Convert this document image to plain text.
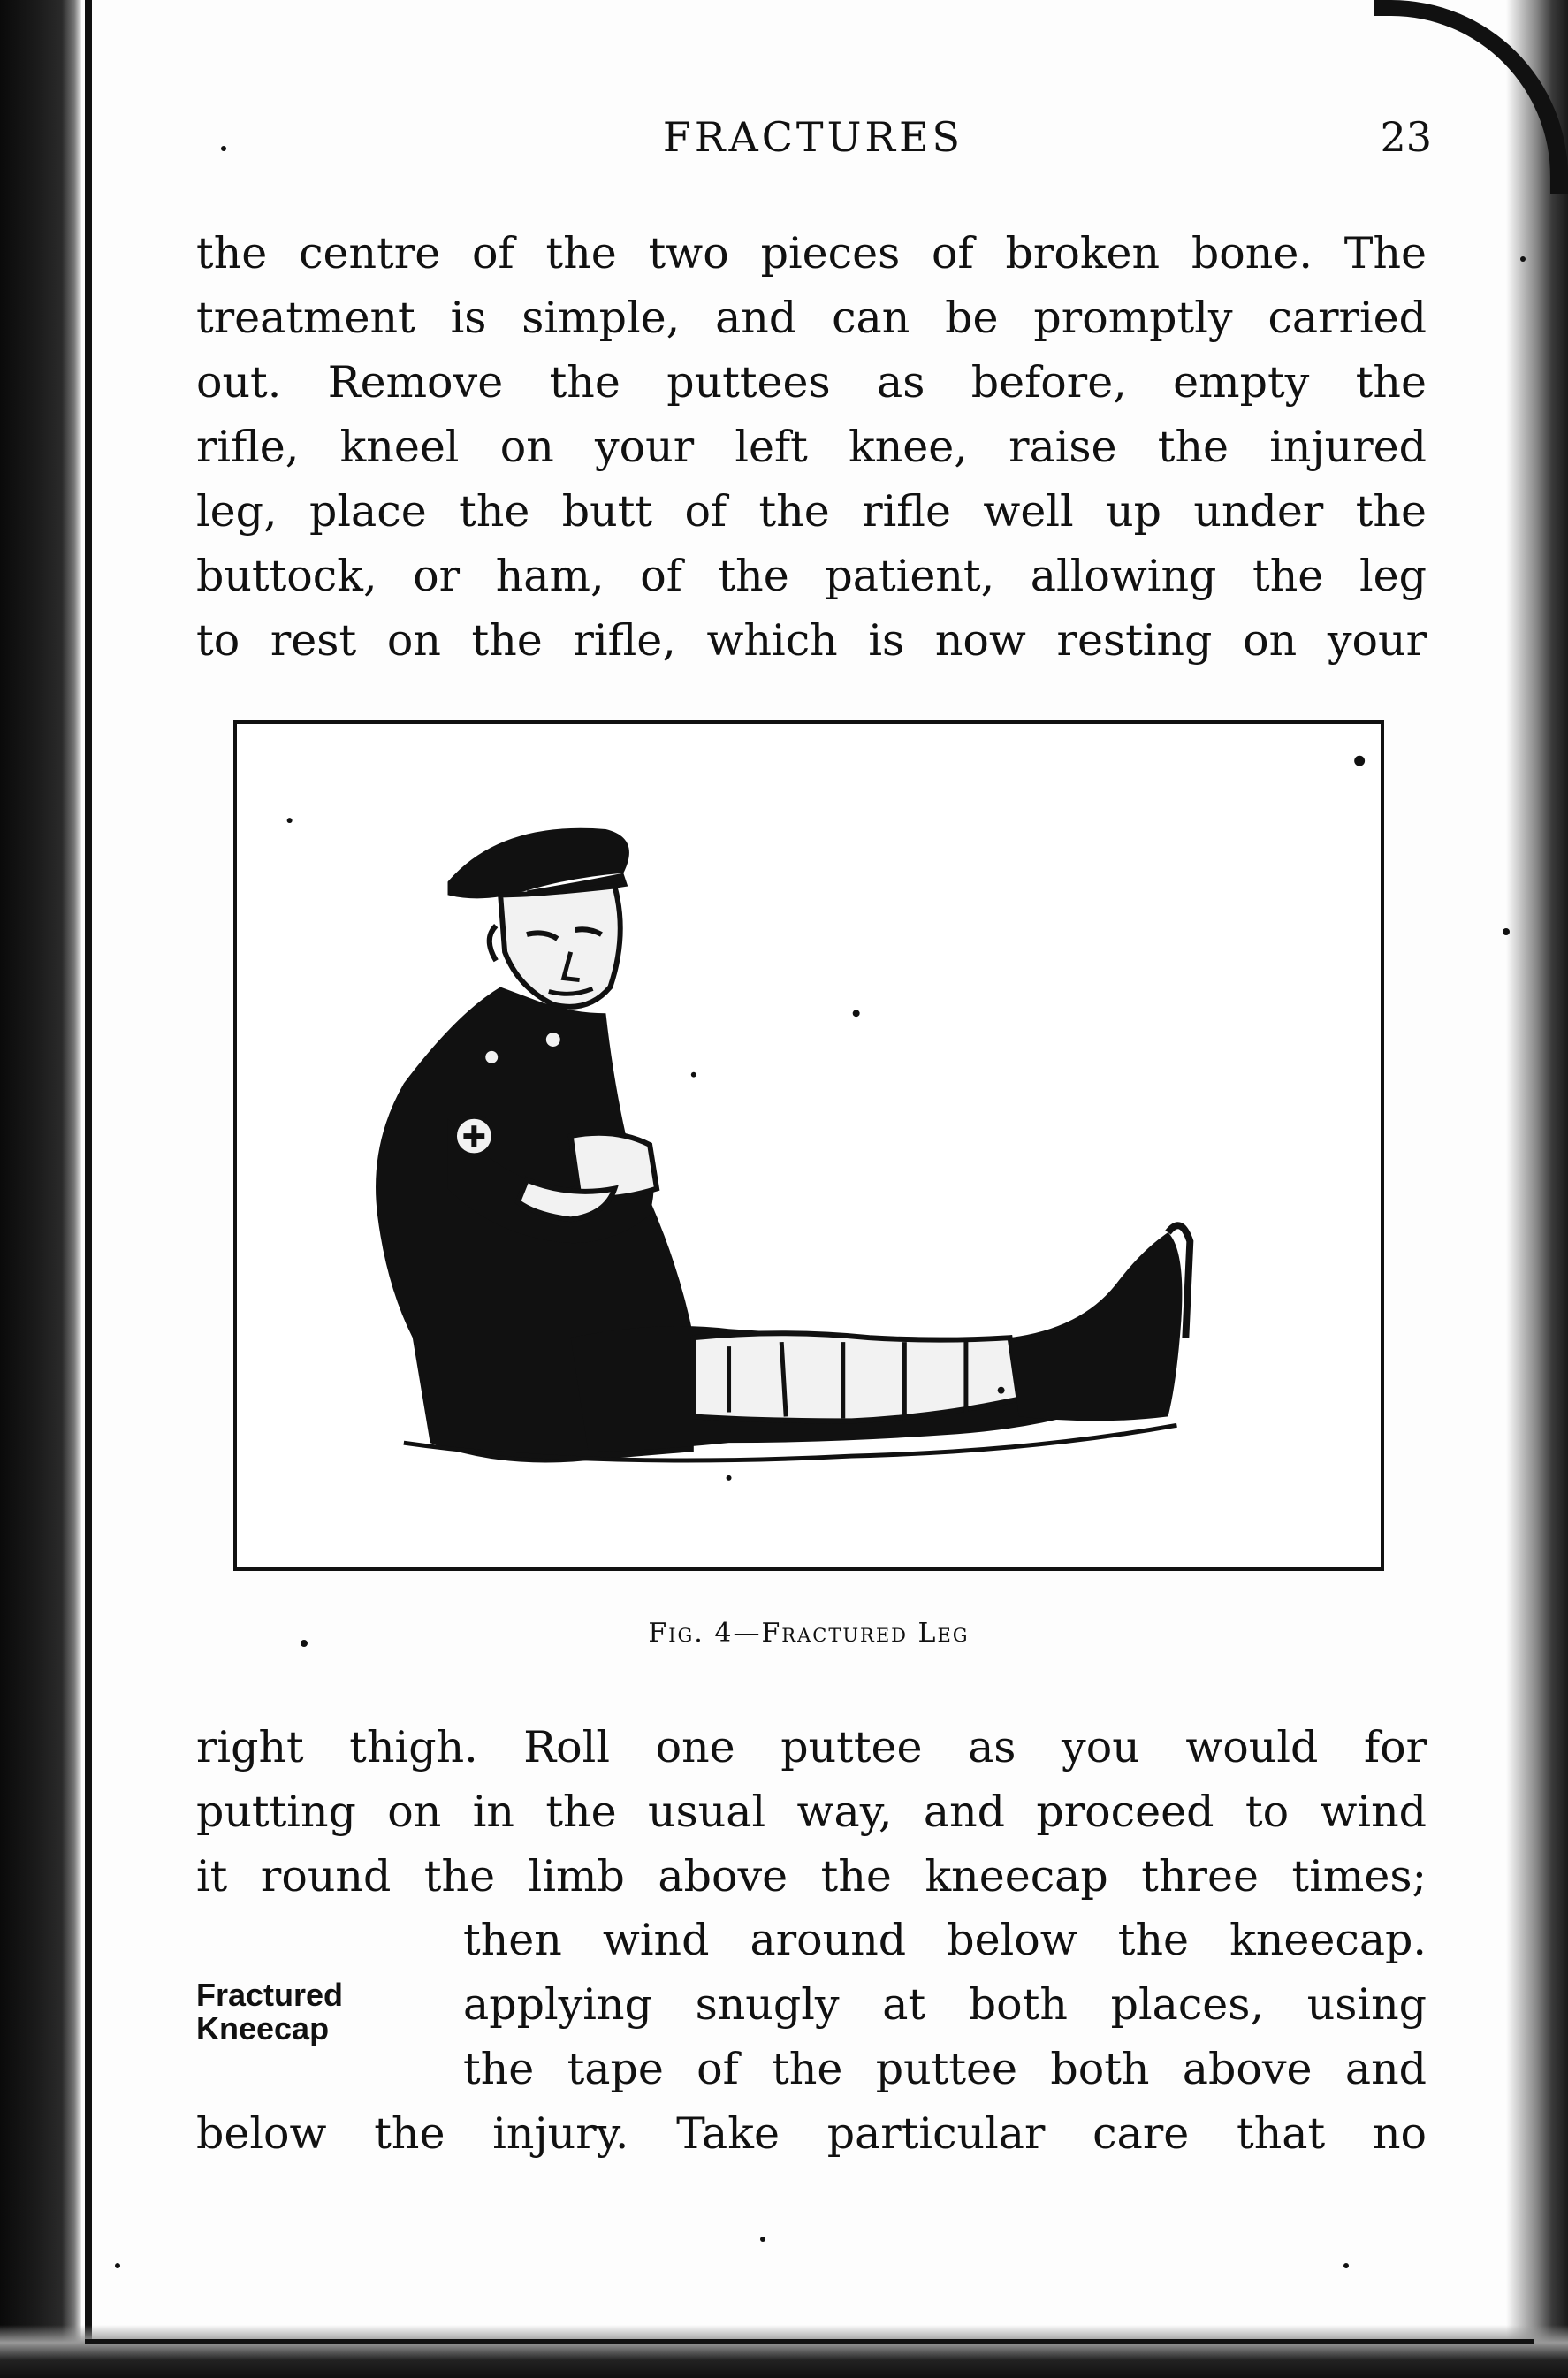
FRACTURES	23
the centre of the two pieces of broken bone. The
treatment is simple, and can be promptly carried
out. Remove the puttees as before, empty the
rifle, kneel on your left knee, raise the injured
leg, place the butt of the rifle well up under the
buttock, or ham, of the patient, allowing the leg
to rest on the rifle, which is now resting on your
Fig. 4—Fractured Leg
right thigh. Roll one puttee as you would for
putting on in the usual way, and proceed to wind
it round the limb above the kneecap three times;
then wind around below the kneecap.
applying snugly at both places, using
the tape of the puttee both above and
below the injury. Take particular care that no
Fractured
Kneecap
